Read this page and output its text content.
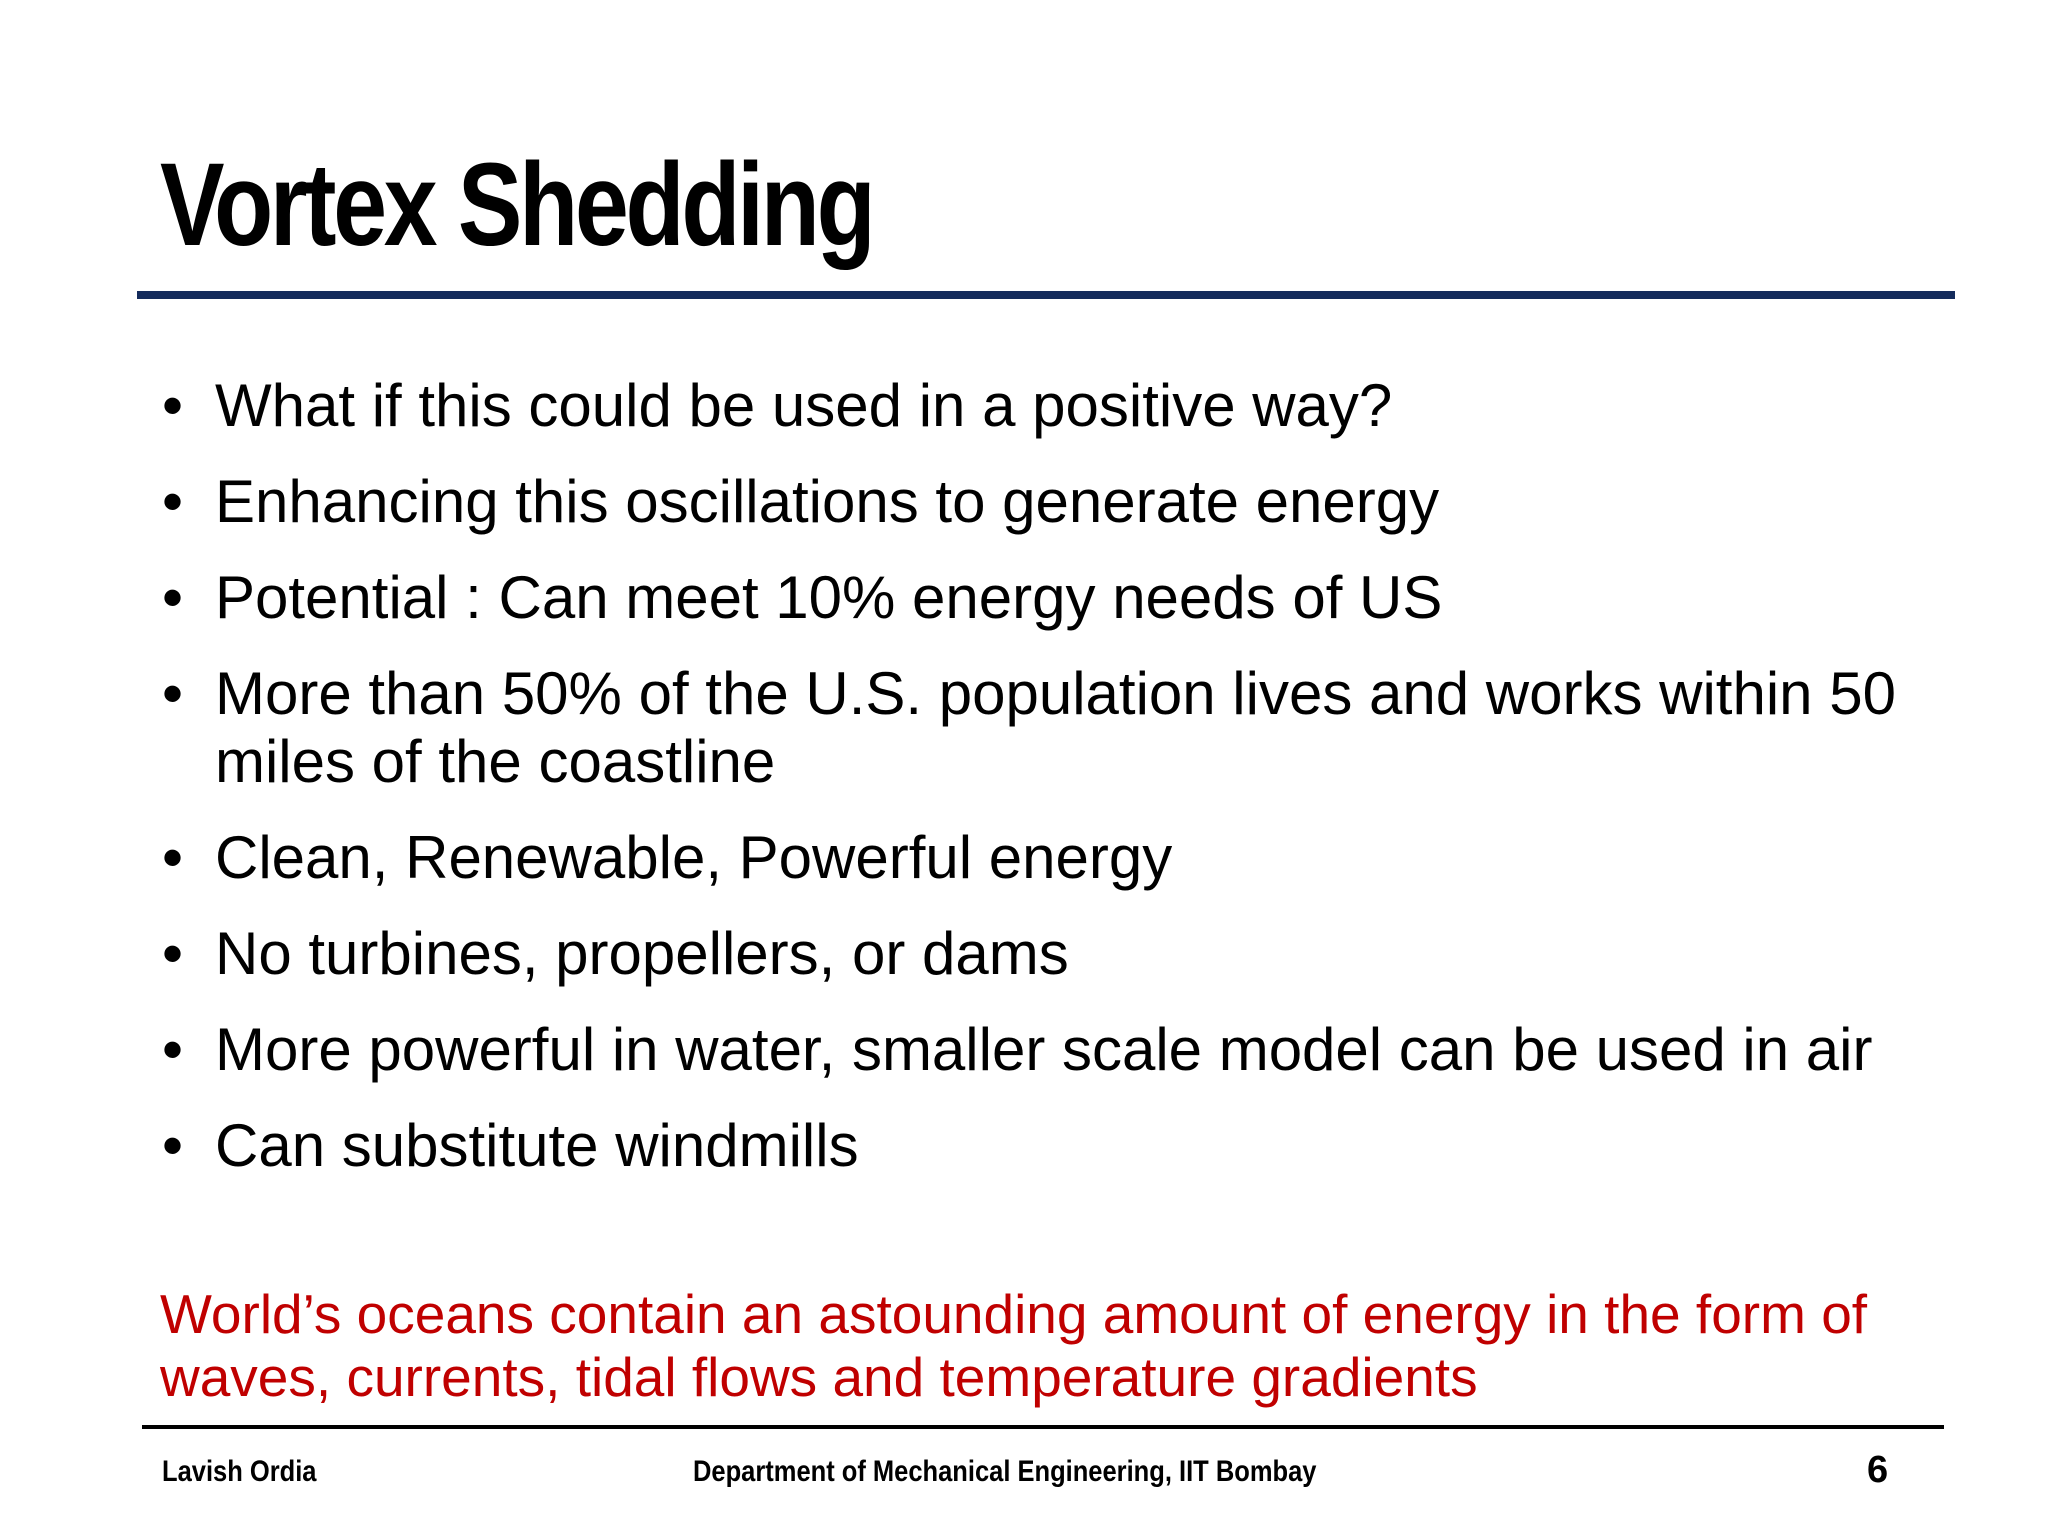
Vortex Shedding
• What if this could be used in a positive way?
• Enhancing this oscillations to generate energy
• Potential : Can meet 10% energy needs of US
• More than 50% of the U.S. population lives and works within 50 miles of the coastline
• Clean, Renewable, Powerful energy
• No turbines, propellers, or dams
• More powerful in water, smaller scale model can be used in air
• Can substitute windmills

World’s oceans contain an astounding amount of energy in the form of waves, currents, tidal flows and temperature gradients

Lavish Ordia	Department of Mechanical Engineering, IIT Bombay	6
